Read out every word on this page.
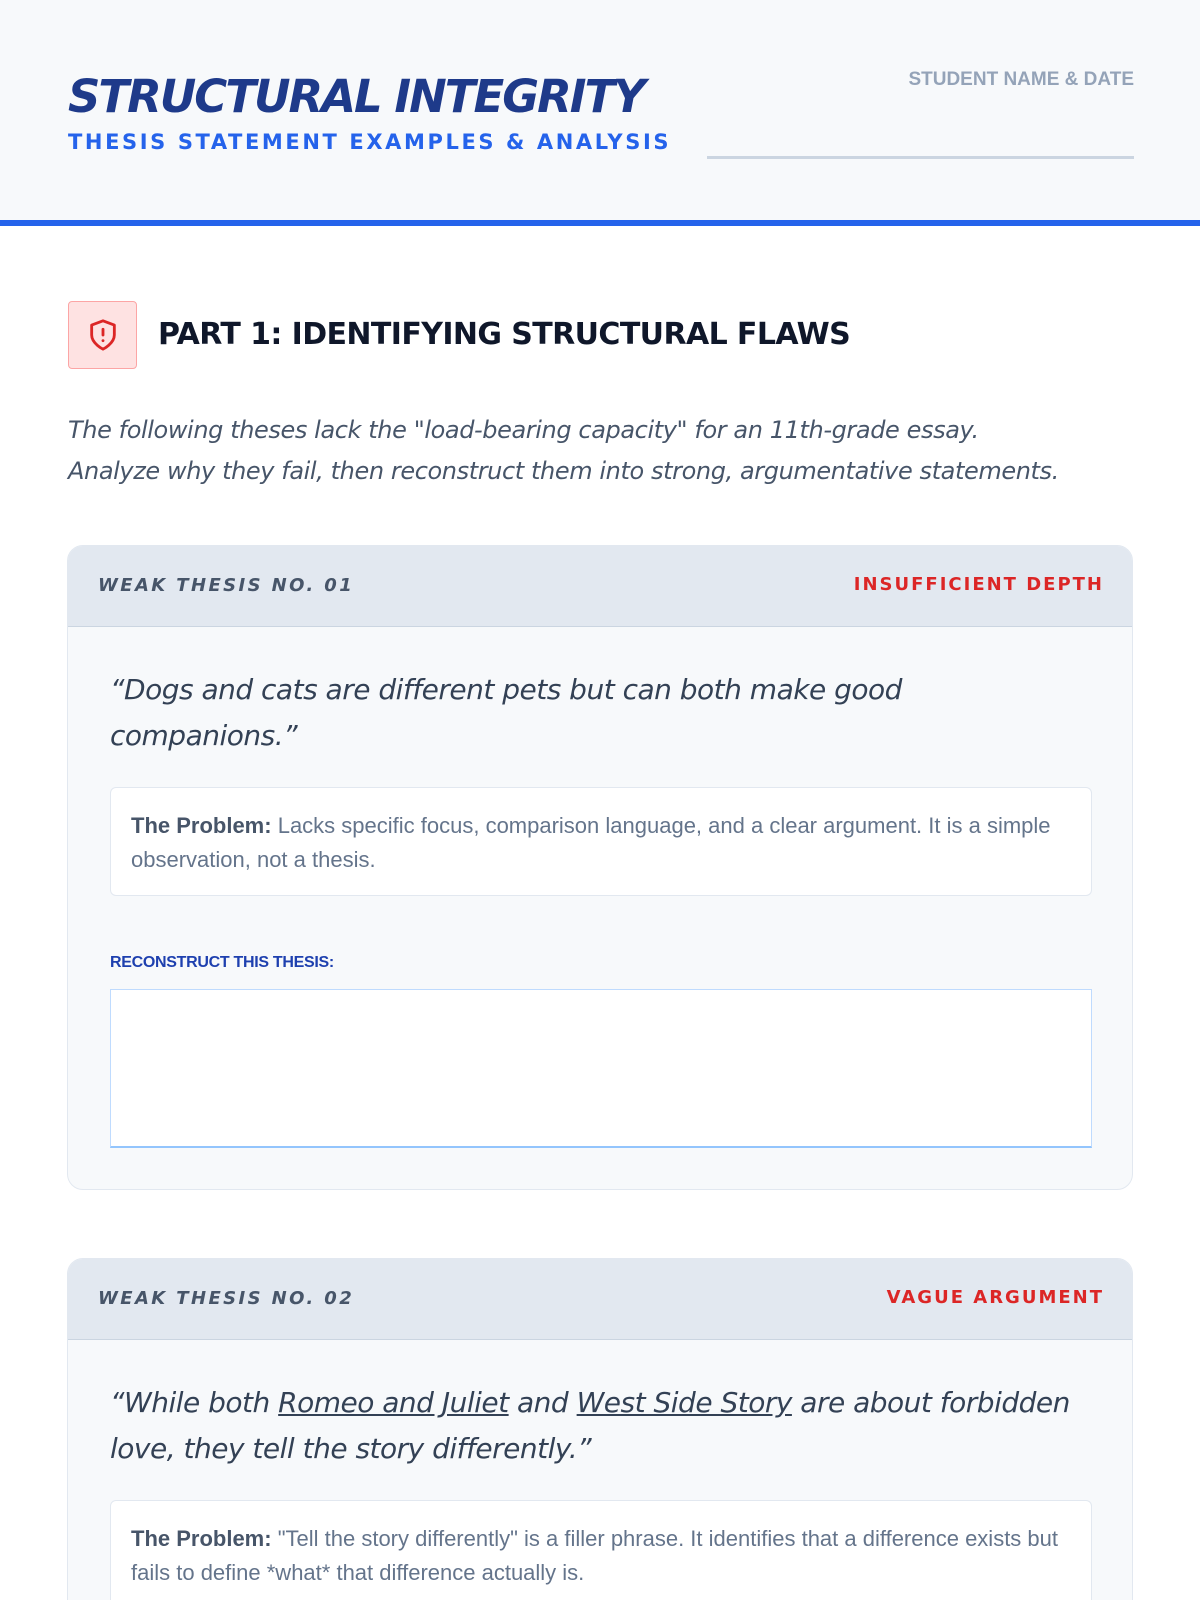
STRUCTURAL INTEGRITY
THESIS STATEMENT EXAMPLES & ANALYSIS
STUDENT NAME & DATE
PART 1: IDENTIFYING STRUCTURAL FLAWS
The following theses lack the "load-bearing capacity" for an 11th-grade essay.
Analyze why they fail, then reconstruct them into strong, argumentative statements.
WEAK THESIS NO. 01	INSUFFICIENT DEPTH
“Dogs and cats are different pets but can both make good companions.”
The Problem: Lacks specific focus, comparison language, and a clear argument. It is a simple observation, not a thesis.
RECONSTRUCT THIS THESIS:
WEAK THESIS NO. 02	VAGUE ARGUMENT
“While both Romeo and Juliet and West Side Story are about forbidden love, they tell the story differently.”
The Problem: "Tell the story differently" is a filler phrase. It identifies that a difference exists but fails to define *what* that difference actually is.
